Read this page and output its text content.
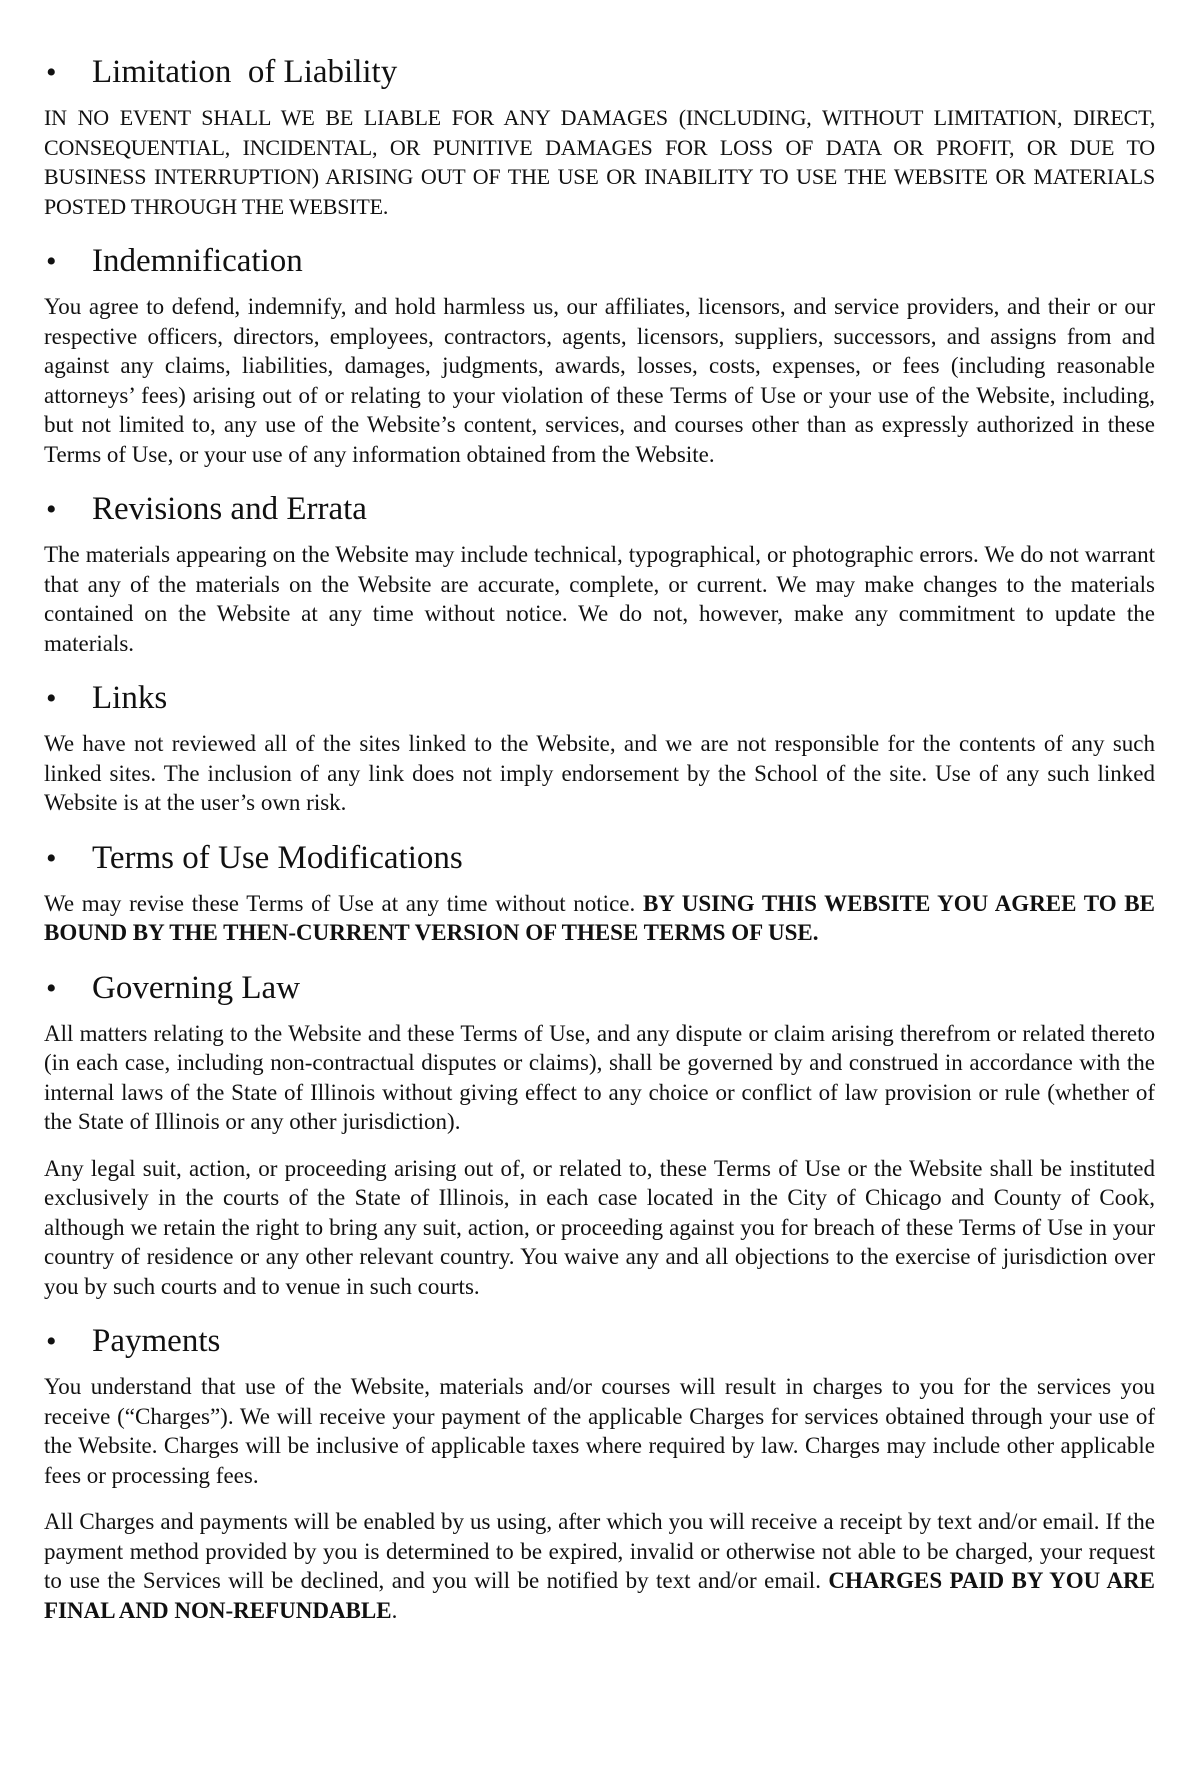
•	Limitation  of Liability

IN NO EVENT SHALL WE BE LIABLE FOR ANY DAMAGES (INCLUDING, WITHOUT LIMITATION, DIRECT, CONSEQUENTIAL, INCIDENTAL, OR PUNITIVE DAMAGES FOR LOSS OF DATA OR PROFIT, OR DUE TO BUSINESS INTERRUPTION) ARISING OUT OF THE USE OR INABILITY TO USE THE WEBSITE OR MATERIALS POSTED THROUGH THE WEBSITE.

•	Indemnification

You agree to defend, indemnify, and hold harmless us, our affiliates, licensors, and service providers, and their or our respective officers, directors, employees, contractors, agents, licensors, suppliers, successors, and assigns from and against any claims, liabilities, damages, judgments, awards, losses, costs, expenses, or fees (including reasonable attorneys’ fees) arising out of or relating to your violation of these Terms of Use or your use of the Website, including, but not limited to, any use of the Website’s content, services, and courses other than as expressly authorized in these Terms of Use, or your use of any information obtained from the Website.

•	Revisions and Errata

The materials appearing on the Website may include technical, typographical, or photographic errors. We do not warrant that any of the materials on the Website are accurate, complete, or current. We may make changes to the materials contained on the Website at any time without notice. We do not, however, make any commitment to update the materials.

•	Links

We have not reviewed all of the sites linked to the Website, and we are not responsible for the contents of any such linked sites. The inclusion of any link does not imply endorsement by the School of the site. Use of any such linked Website is at the user’s own risk.

•	Terms of Use Modifications

We may revise these Terms of Use at any time without notice. BY USING THIS WEBSITE YOU AGREE TO BE BOUND BY THE THEN-CURRENT VERSION OF THESE TERMS OF USE.

•	Governing Law

All matters relating to the Website and these Terms of Use, and any dispute or claim arising therefrom or related thereto (in each case, including non-contractual disputes or claims), shall be governed by and construed in accordance with the internal laws of the State of Illinois without giving effect to any choice or conflict of law provision or rule (whether of the State of Illinois or any other jurisdiction).

Any legal suit, action, or proceeding arising out of, or related to, these Terms of Use or the Website shall be instituted exclusively in the courts of the State of Illinois, in each case located in the City of Chicago and County of Cook, although we retain the right to bring any suit, action, or proceeding against you for breach of these Terms of Use in your country of residence or any other relevant country. You waive any and all objections to the exercise of jurisdiction over you by such courts and to venue in such courts.

•	Payments

You understand that use of the Website, materials and/or courses will result in charges to you for the services you receive (“Charges”). We will receive your payment of the applicable Charges for services obtained through your use of the Website. Charges will be inclusive of applicable taxes where required by law. Charges may include other applicable fees or processing fees.

All Charges and payments will be enabled by us using, after which you will receive a receipt by text and/or email. If the payment method provided by you is determined to be expired, invalid or otherwise not able to be charged, your request to use the Services will be declined, and you will be notified by text and/or email. CHARGES PAID BY YOU ARE FINAL AND NON-REFUNDABLE.
